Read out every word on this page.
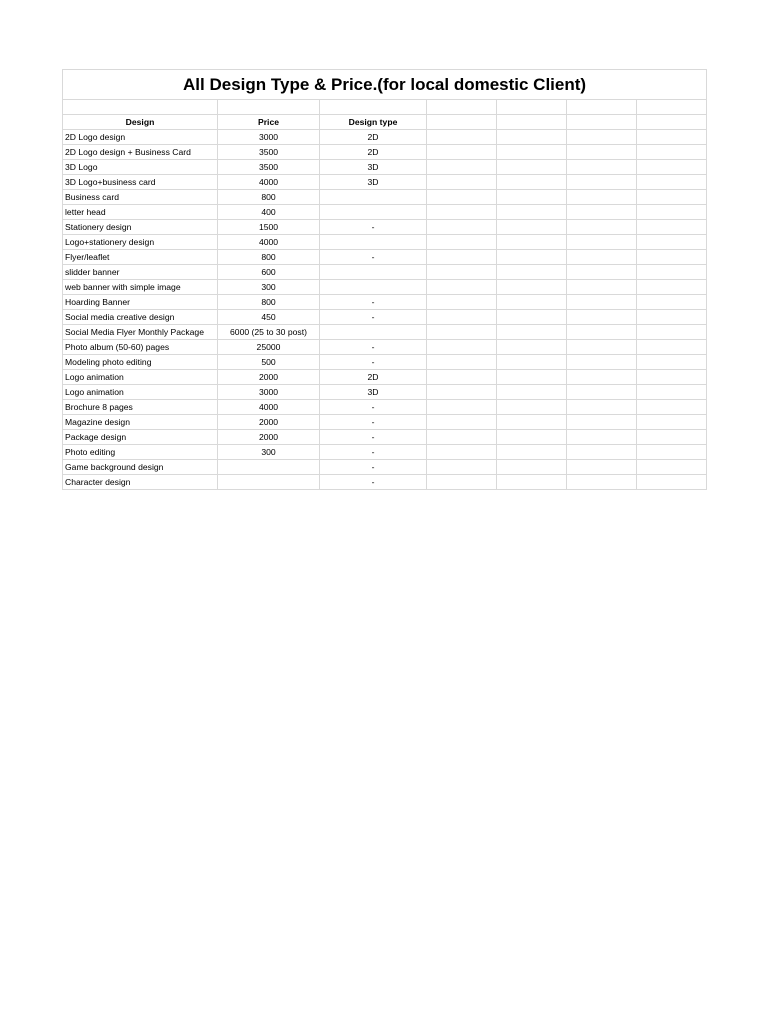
All Design Type & Price.(for local domestic Client)						

Design	Price	Design type				
2D Logo design	3000	2D				
2D Logo design + Business Card	3500	2D				
3D Logo	3500	3D				
3D Logo+business card	4000	3D				
Business card	800					
letter head	400					
Stationery design	1500	-				
Logo+stationery design	4000					
Flyer/leaflet	800	-				
slidder banner	600					
web banner with simple image	300					
Hoarding Banner	800	-				
Social media creative design	450	-				
Social Media Flyer Monthly Package	6000 (25 to 30 post)					
Photo album (50-60) pages	25000	-				
Modeling photo editing	500	-				
Logo animation	2000	2D				
Logo animation	3000	3D				
Brochure 8 pages	4000	-				
Magazine design	2000	-				
Package design	2000	-				
Photo editing	300	-				
Game background design		-				
Character design		-				
